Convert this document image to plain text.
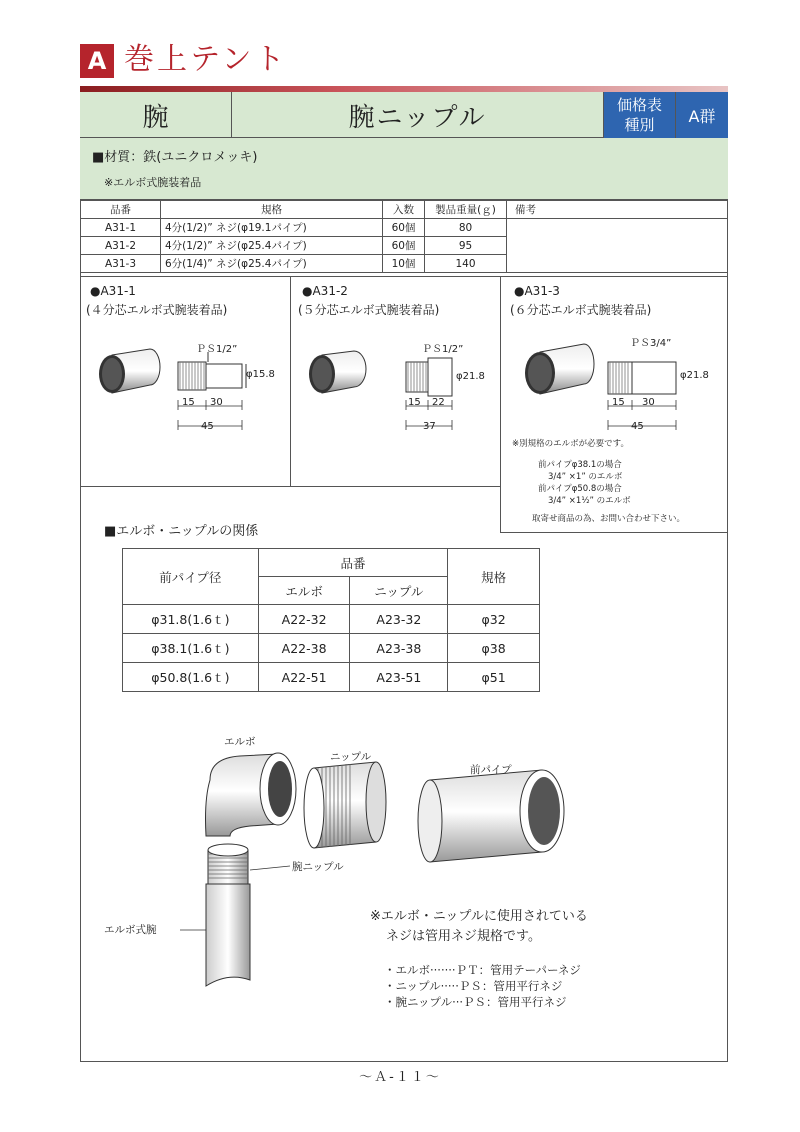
A 巻上テント
腕	腕ニップル	価格表
種別	A群
■材質：鉄(ユニクロメッキ)
※エルボ式腕装着品
品番	規格	入数	製品重量(ｇ)	備考
A31-1	4分(1/2)” ネジ(φ19.1パイプ)	60個	80	
A31-2	4分(1/2)” ネジ(φ25.4パイプ)	60個	95	
A31-3	6分(1/4)” ネジ(φ25.4パイプ)	10個	140	
●A31-1
(４分芯エルボ式腕装着品)
ＰＳ1/2”
φ15.8
15 30
45
●A31-2
(５分芯エルボ式腕装着品)
ＰＳ1/2”
φ21.8
15 22
37
●A31-3
(６分芯エルボ式腕装着品)
ＰＳ3/4”
φ21.8
15 30
45
※別規格のエルボが必要です。
前パイプφ38.1の場合
3/4” ×1” のエルボ
前パイプφ50.8の場合
3/4” ×1½” のエルボ
取寄せ商品の為、お問い合わせ下さい。
■エルボ・ニップルの関係
前パイプ径	品番		規格
	エルボ	ニップル	
φ31.8(1.6ｔ)	A22-32	A23-32	φ32
φ38.1(1.6ｔ)	A22-38	A23-38	φ38
φ50.8(1.6ｔ)	A22-51	A23-51	φ51
エルボ
ニップル
前パイプ
腕ニップル
エルボ式腕
※エルボ・ニップルに使用されている
ネジは管用ネジ規格です。
・エルボ·······ＰＴ：管用テーパーネジ
・ニップル·····ＰＳ：管用平行ネジ
・腕ニップル···ＰＳ：管用平行ネジ
～Ａ-１１～
